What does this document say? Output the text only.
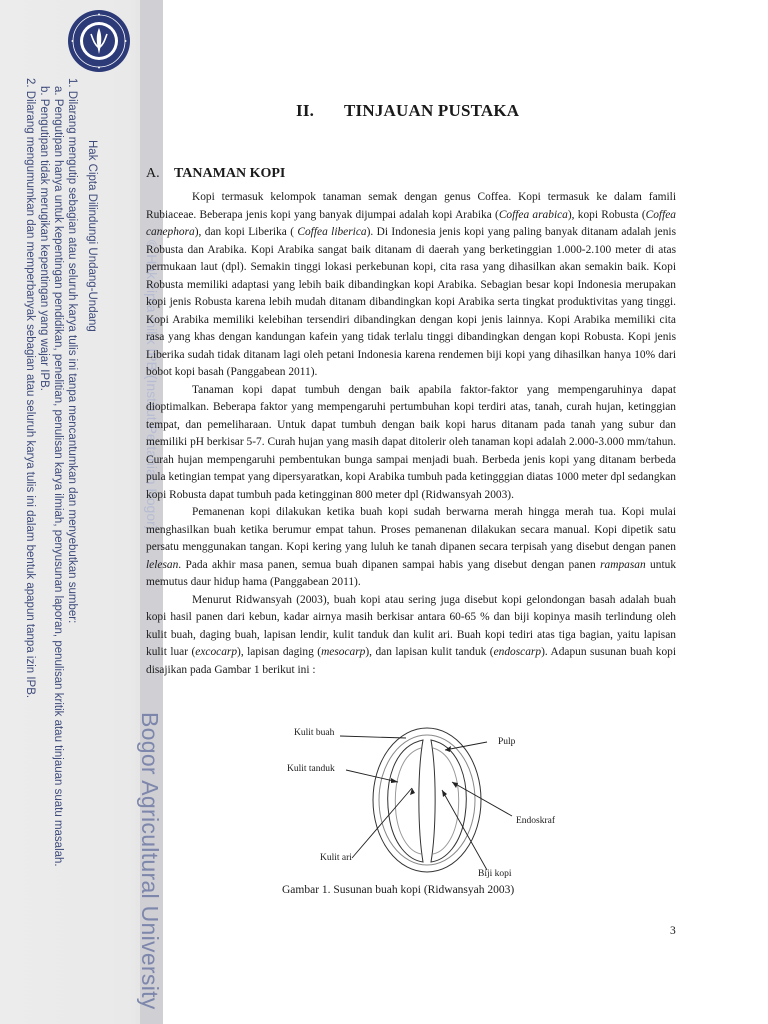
Hak Cipta Dilindungi Undang-Undang
1. Dilarang mengutip sebagian atau seluruh karya tulis ini tanpa mencantumkan dan menyebutkan sumber:
a. Pengutipan hanya untuk kepentingan pendidikan, penelitian, penulisan karya ilmiah, penyusunan laporan, penulisan kritik atau tinjauan suatu masalah.
b. Pengutipan tidak merugikan kepentingan yang wajar IPB.
2. Dilarang mengumumkan dan memperbanyak sebagian atau seluruh karya tulis ini dalam bentuk apapun tanpa izin IPB.	© Hak cipta milik IPB (Institut Pertanian Bogor)
Bogor Agricultural University
II. TINJAUAN PUSTAKA
A. TANAMAN KOPI

Kopi termasuk kelompok tanaman semak dengan genus Coffea. Kopi termasuk ke dalam famili Rubiaceae. Beberapa jenis kopi yang banyak dijumpai adalah kopi Arabika (Coffea arabica), kopi Robusta (Coffea canephora), dan kopi Liberika ( Coffea liberica). Di Indonesia jenis kopi yang paling banyak ditanam adalah jenis Robusta dan Arabika. Kopi Arabika sangat baik ditanam di daerah yang berketinggian 1.000-2.100 meter di atas permukaan laut (dpl). Semakin tinggi lokasi perkebunan kopi, cita rasa yang dihasilkan akan semakin baik. Kopi Robusta memiliki adaptasi yang lebih baik dibandingkan kopi Arabika. Sebagian besar kopi Indonesia merupakan kopi jenis Robusta karena lebih mudah ditanam dibandingkan kopi Arabika serta tingkat produktivitas yang tinggi. Kopi Arabika memiliki kelebihan tersendiri dibandingkan dengan kopi jenis lainnya. Kopi Arabika memiliki cita rasa yang khas dengan kandungan kafein yang tidak terlalu tinggi dibandingkan dengan kopi Robusta. Kopi jenis Liberika sudah tidak ditanam lagi oleh petani Indonesia karena rendemen biji kopi yang dihasilkan hanya 10% dari bobot kopi basah (Panggabean 2011).

Tanaman kopi dapat tumbuh dengan baik apabila faktor-faktor yang mempengaruhinya dapat dioptimalkan. Beberapa faktor yang mempengaruhi pertumbuhan kopi terdiri atas, tanah, curah hujan, ketinggian tempat, dan pemeliharaan. Untuk dapat tumbuh dengan baik kopi harus ditanam pada tanah yang subur dan memiliki pH berkisar 5-7. Curah hujan yang masih dapat ditolerir oleh tanaman kopi adalah 2.000-3.000 mm/tahun. Curah hujan mempengaruhi pembentukan bunga sampai menjadi buah. Berbeda jenis kopi yang ditanam berbeda pula ketingian tempat yang dipersyaratkan, kopi Arabika tumbuh pada ketingggian diatas 1000 meter dpl sedangkan kopi Robusta dapat tumbuh pada ketingginan 800 meter dpl (Ridwansyah 2003).

Pemanenan kopi dilakukan ketika buah kopi sudah berwarna merah hingga merah tua. Kopi mulai menghasilkan buah ketika berumur empat tahun. Proses pemanenan dilakukan secara manual. Kopi dipetik satu persatu menggunakan tangan. Kopi kering yang luluh ke tanah dipanen secara terpisah yang disebut dengan panen lelesan. Pada akhir masa panen, semua buah dipanen sampai habis yang disebut dengan panen rampasan untuk memutus daur hidup hama (Panggabean 2011).

Menurut Ridwansyah (2003), buah kopi atau sering juga disebut kopi gelondongan basah adalah buah kopi hasil panen dari kebun, kadar airnya masih berkisar antara 60-65 % dan biji kopinya masih terlindung oleh kulit buah, daging buah, lapisan lendir, kulit tanduk dan kulit ari. Buah kopi tediri atas tiga bagian, yaitu lapisan kulit luar (excocarp), lapisan daging (mesocarp), dan lapisan kulit tanduk (endoscarp). Adapun susunan buah kopi disajikan pada Gambar 1 berikut ini :

Kulit buah
Pulp
Kulit tanduk
Endoskraf
Kulit ari
Biji kopi
Gambar 1. Susunan buah kopi (Ridwansyah 2003)
3
